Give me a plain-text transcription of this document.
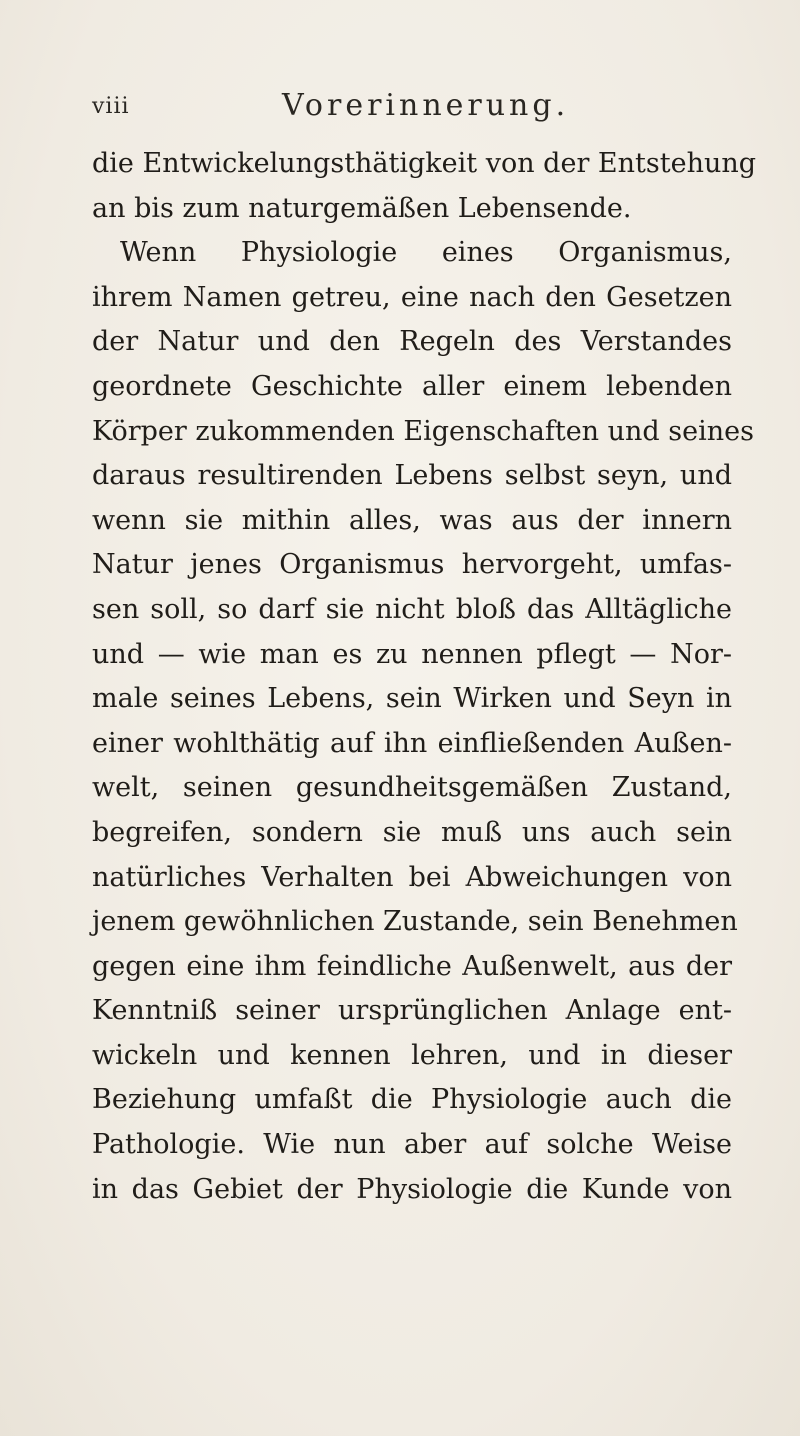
viii	Vorerinnerung.
die Entwickelungsthätigkeit von der Entstehung
an bis zum naturgemäßen Lebensende.
Wenn Physiologie eines Organismus,
ihrem Namen getreu, eine nach den Gesetzen
der Natur und den Regeln des Verstandes
geordnete Geschichte aller einem lebenden
Körper zukommenden Eigenschaften und seines
daraus resultirenden Lebens selbst seyn, und
wenn sie mithin alles, was aus der innern
Natur jenes Organismus hervorgeht, umfas-
sen soll, so darf sie nicht bloß das Alltägliche
und — wie man es zu nennen pflegt — Nor-
male seines Lebens, sein Wirken und Seyn in
einer wohlthätig auf ihn einfließenden Außen-
welt, seinen gesundheitsgemäßen Zustand,
begreifen, sondern sie muß uns auch sein
natürliches Verhalten bei Abweichungen von
jenem gewöhnlichen Zustande, sein Benehmen
gegen eine ihm feindliche Außenwelt, aus der
Kenntniß seiner ursprünglichen Anlage ent-
wickeln und kennen lehren, und in dieser
Beziehung umfaßt die Physiologie auch die
Pathologie. Wie nun aber auf solche Weise
in das Gebiet der Physiologie die Kunde von
